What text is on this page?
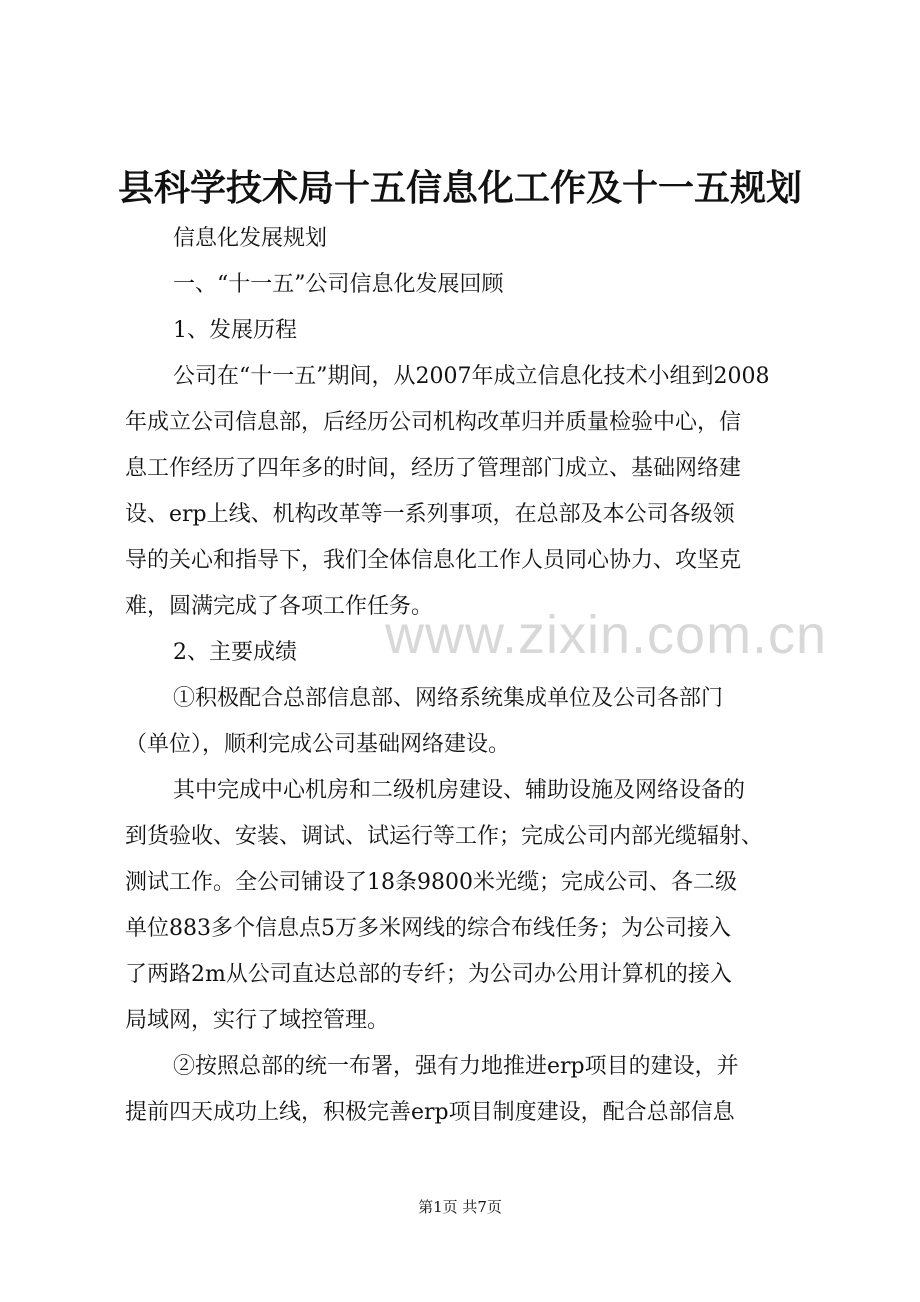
县科学技术局十五信息化工作及十一五规划
信息化发展规划
一、“十一五”公司信息化发展回顾
1、发展历程
公司在“十一五”期间，从2007年成立信息化技术小组到2008
年成立公司信息部，后经历公司机构改革归并质量检验中心，信
息工作经历了四年多的时间，经历了管理部门成立、基础网络建
设、erp上线、机构改革等一系列事项，在总部及本公司各级领
导的关心和指导下，我们全体信息化工作人员同心协力、攻坚克
难，圆满完成了各项工作任务。
2、主要成绩
①积极配合总部信息部、网络系统集成单位及公司各部门
（单位），顺利完成公司基础网络建设。
其中完成中心机房和二级机房建设、辅助设施及网络设备的
到货验收、安装、调试、试运行等工作；完成公司内部光缆辐射、
测试工作。全公司铺设了18条9800米光缆；完成公司、各二级
单位883多个信息点5万多米网线的综合布线任务；为公司接入
了两路2m从公司直达总部的专纤；为公司办公用计算机的接入
局域网，实行了域控管理。
②按照总部的统一布署，强有力地推进erp项目的建设，并
提前四天成功上线，积极完善erp项目制度建设，配合总部信息
www.zixin.com.cn
第1页 共7页
